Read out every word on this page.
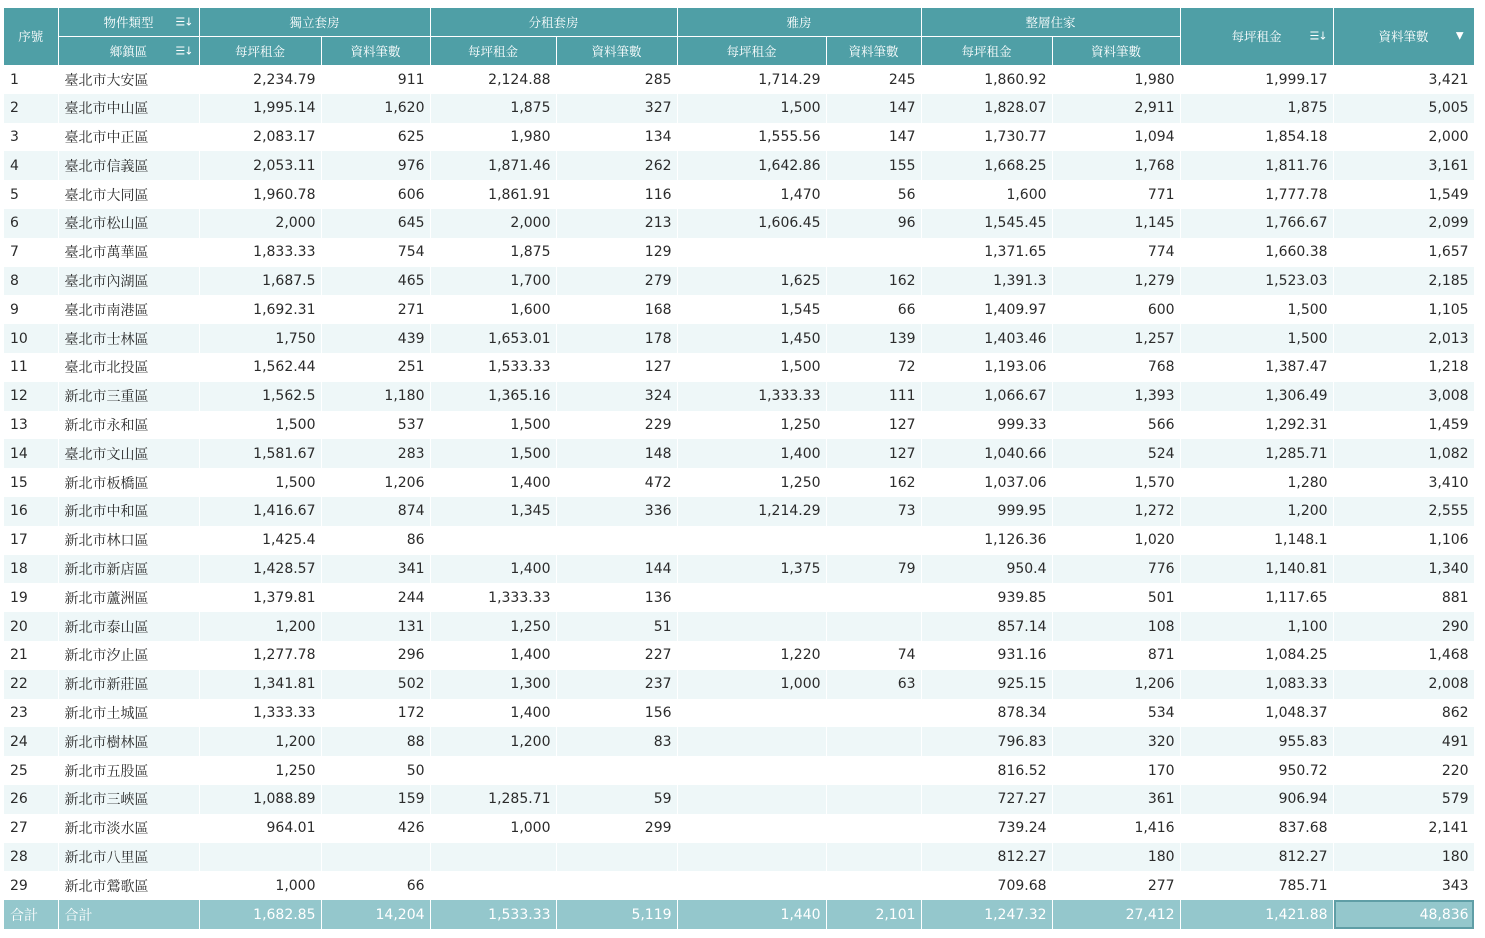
序號	物件類型 ☰↓	獨立套房		分租套房		雅房		整層住家		每坪租金 ☰↓	資料筆數 ▼

	鄉鎮區 ☰↓	每坪租金	資料筆數	每坪租金	資料筆數	每坪租金	資料筆數	每坪租金	資料筆數		
1	臺北市大安區	2,234.79	911	2,124.88	285	1,714.29	245	1,860.92	1,980	1,999.17	3,421
2	臺北市中山區	1,995.14	1,620	1,875	327	1,500	147	1,828.07	2,911	1,875	5,005
3	臺北市中正區	2,083.17	625	1,980	134	1,555.56	147	1,730.77	1,094	1,854.18	2,000
4	臺北市信義區	2,053.11	976	1,871.46	262	1,642.86	155	1,668.25	1,768	1,811.76	3,161
5	臺北市大同區	1,960.78	606	1,861.91	116	1,470	56	1,600	771	1,777.78	1,549
6	臺北市松山區	2,000	645	2,000	213	1,606.45	96	1,545.45	1,145	1,766.67	2,099
7	臺北市萬華區	1,833.33	754	1,875	129			1,371.65	774	1,660.38	1,657
8	臺北市內湖區	1,687.5	465	1,700	279	1,625	162	1,391.3	1,279	1,523.03	2,185
9	臺北市南港區	1,692.31	271	1,600	168	1,545	66	1,409.97	600	1,500	1,105
10	臺北市士林區	1,750	439	1,653.01	178	1,450	139	1,403.46	1,257	1,500	2,013
11	臺北市北投區	1,562.44	251	1,533.33	127	1,500	72	1,193.06	768	1,387.47	1,218
12	新北市三重區	1,562.5	1,180	1,365.16	324	1,333.33	111	1,066.67	1,393	1,306.49	3,008
13	新北市永和區	1,500	537	1,500	229	1,250	127	999.33	566	1,292.31	1,459
14	臺北市文山區	1,581.67	283	1,500	148	1,400	127	1,040.66	524	1,285.71	1,082
15	新北市板橋區	1,500	1,206	1,400	472	1,250	162	1,037.06	1,570	1,280	3,410
16	新北市中和區	1,416.67	874	1,345	336	1,214.29	73	999.95	1,272	1,200	2,555
17	新北市林口區	1,425.4	86					1,126.36	1,020	1,148.1	1,106
18	新北市新店區	1,428.57	341	1,400	144	1,375	79	950.4	776	1,140.81	1,340
19	新北市蘆洲區	1,379.81	244	1,333.33	136			939.85	501	1,117.65	881
20	新北市泰山區	1,200	131	1,250	51			857.14	108	1,100	290
21	新北市汐止區	1,277.78	296	1,400	227	1,220	74	931.16	871	1,084.25	1,468
22	新北市新莊區	1,341.81	502	1,300	237	1,000	63	925.15	1,206	1,083.33	2,008
23	新北市土城區	1,333.33	172	1,400	156			878.34	534	1,048.37	862
24	新北市樹林區	1,200	88	1,200	83			796.83	320	955.83	491
25	新北市五股區	1,250	50					816.52	170	950.72	220
26	新北市三峽區	1,088.89	159	1,285.71	59			727.27	361	906.94	579
27	新北市淡水區	964.01	426	1,000	299			739.24	1,416	837.68	2,141
28	新北市八里區							812.27	180	812.27	180
29	新北市鶯歌區	1,000	66					709.68	277	785.71	343
合計	合計	1,682.85	14,204	1,533.33	5,119	1,440	2,101	1,247.32	27,412	1,421.88	48,836
